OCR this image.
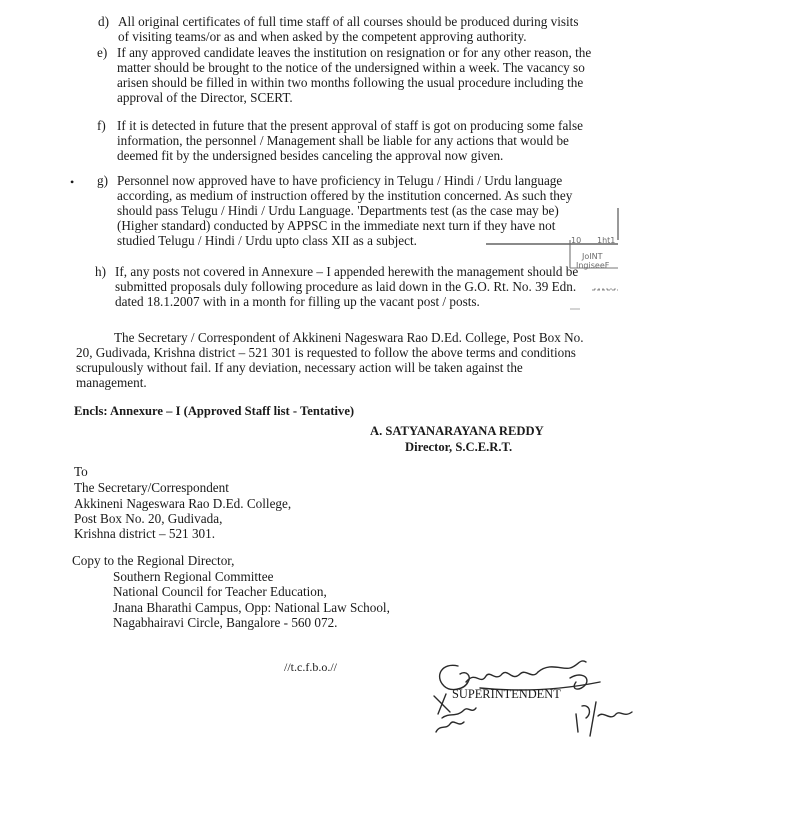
d) All original certificates of full time staff of all courses should be produced during visits
of visiting teams/or as and when asked by the competent approving authority.
e) If any approved candidate leaves the institution on resignation or for any other reason, the
matter should be brought to the notice of the undersigned within a week. The vacancy so
arisen should be filled in within two months following the usual procedure including the
approval of the Director, SCERT.
f) If it is detected in future that the present approval of staff is got on producing some false
information, the personnel / Management shall be liable for any actions that would be
deemed fit by the undersigned besides canceling the approval now given.
• g) Personnel now approved have to have proficiency in Telugu / Hindi / Urdu language
according, as medium of instruction offered by the institution concerned. As such they
should pass Telugu / Hindi / Urdu Language. 'Departments test (as the case may be)
(Higher standard) conducted by APPSC in the immediate next turn if they have not
studied Telugu / Hindi / Urdu upto class XII as a subject.	10 1ht1
JoINT
IngiseeF
h) If, any posts not covered in Annexure – I appended herewith the management should be
submitted proposals duly following procedure as laid down in the G.O. Rt. No. 39 Edn.
dated 18.1.2007 with in a month for filling up the vacant post / posts.
The Secretary / Correspondent of Akkineni Nageswara Rao D.Ed. College, Post Box No.
20, Gudivada, Krishna district – 521 301 is requested to follow the above terms and conditions
scrupulously without fail. If any deviation, necessary action will be taken against the
management.
Encls: Annexure – I (Approved Staff list - Tentative)
A. SATYANARAYANA REDDY
Director, S.C.E.R.T.
To
The Secretary/Correspondent
Akkineni Nageswara Rao D.Ed. College,
Post Box No. 20, Gudivada,
Krishna district – 521 301.
Copy to the Regional Director,
Southern Regional Committee
National Council for Teacher Education,
Jnana Bharathi Campus, Opp: National Law School,
Nagabhairavi Circle, Bangalore - 560 072.
//t.c.f.b.o.//
SUPERINTENDENT
